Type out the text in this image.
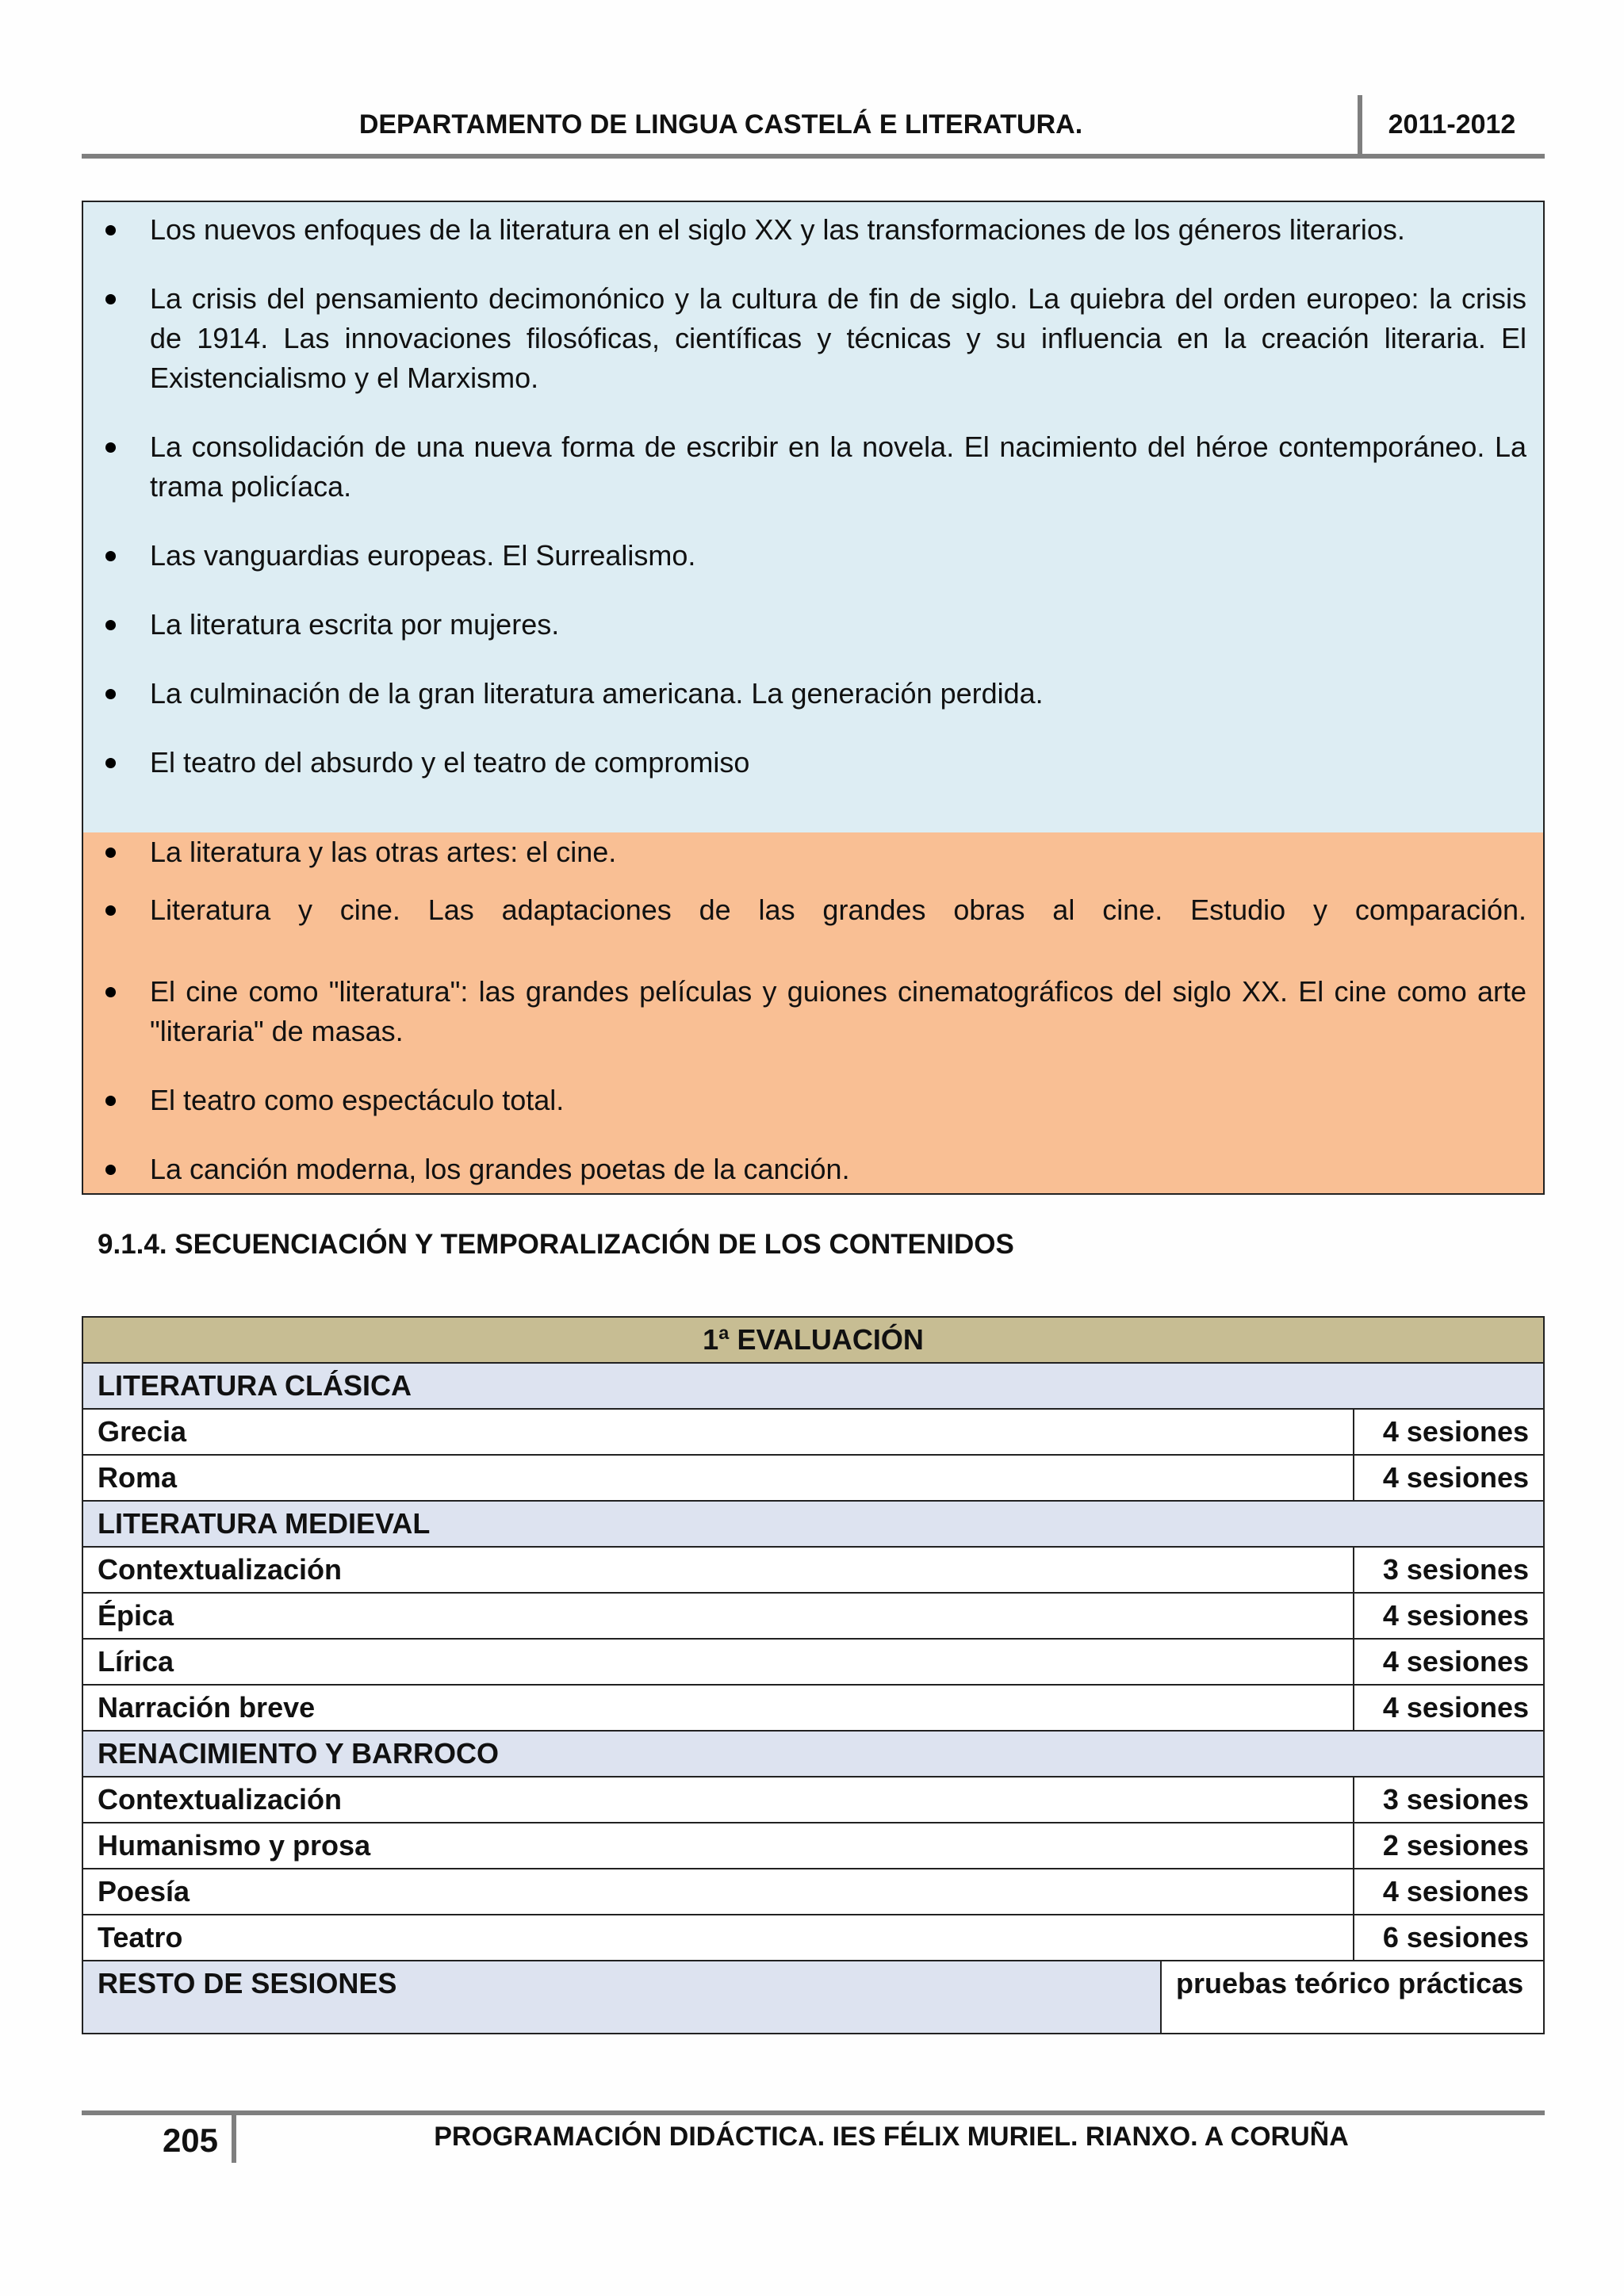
DEPARTAMENTO DE LINGUA CASTELÁ E LITERATURA.	2011-2012
Los nuevos enfoques de la literatura en el siglo XX y las transformaciones de los géneros literarios.
La crisis del pensamiento decimonónico y la cultura de fin de siglo. La quiebra del orden europeo: la crisis de 1914. Las innovaciones filosóficas, científicas y técnicas y su influencia en la creación literaria. El Existencialismo y el Marxismo.
La consolidación de una nueva forma de escribir en la novela. El nacimiento del héroe contemporáneo. La trama policíaca.
Las vanguardias europeas. El Surrealismo.
La literatura escrita por mujeres.
La culminación de la gran literatura americana. La generación perdida.
El teatro del absurdo y el teatro de compromiso
La literatura y las otras artes: el cine.
Literatura y cine. Las adaptaciones de las grandes obras al cine. Estudio y comparación.
El cine como "literatura": las grandes películas y guiones cinematográficos del siglo XX. El cine como arte "literaria" de masas.
El teatro como espectáculo total.
La canción moderna, los grandes poetas de la canción.
9.1.4. SECUENCIACIÓN Y TEMPORALIZACIÓN DE LOS CONTENIDOS
1ª EVALUACIÓN		
LITERATURA CLÁSICA		
Grecia		4 sesiones
Roma		4 sesiones
LITERATURA MEDIEVAL		
Contextualización		3 sesiones
Épica		4 sesiones
Lírica		4 sesiones
Narración breve		4 sesiones
RENACIMIENTO Y BARROCO		
Contextualización		3 sesiones
Humanismo y prosa		2 sesiones
Poesía		4 sesiones
Teatro		6 sesiones
RESTO DE SESIONES	pruebas teórico prácticas	
205	PROGRAMACIÓN DIDÁCTICA. IES FÉLIX MURIEL. RIANXO. A CORUÑA
